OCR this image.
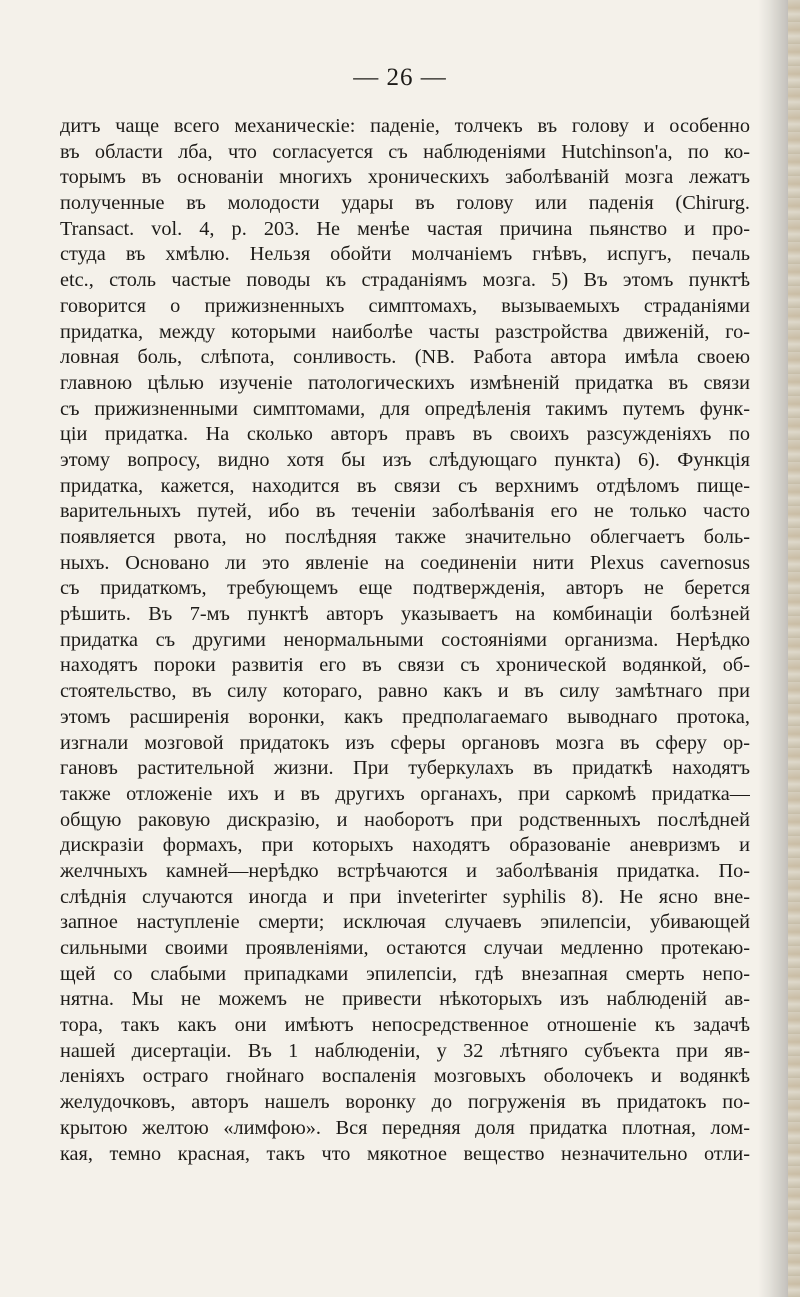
— 26 —
дитъ чаще всего механическіе: паденіе, толчекъ въ голову и особенно
въ области лба, что согласуется съ наблюденіями Hutchinson'а, по ко-
торымъ въ основаніи многихъ хроническихъ заболѣваній мозга лежатъ
полученные въ молодости удары въ голову или паденія (Chirurg.
Transact. vol. 4, p. 203. Не менѣе частая причина пьянство и про-
студа въ хмѣлю. Нельзя обойти молчаніемъ гнѣвъ, испугъ, печаль
etc., столь частые поводы къ страданіямъ мозга. 5) Въ этомъ пунктѣ
говорится о прижизненныхъ симптомахъ, вызываемыхъ страданіями
придатка, между которыми наиболѣе часты разстройства движеній, го-
ловная боль, слѣпота, сонливость. (NB. Работа автора имѣла своею
главною цѣлью изученіе патологическихъ измѣненій придатка въ связи
съ прижизненными симптомами, для опредѣленія такимъ путемъ функ-
ціи придатка. На сколько авторъ правъ въ своихъ разсужденіяхъ по
этому вопросу, видно хотя бы изъ слѣдующаго пункта) 6). Функція
придатка, кажется, находится въ связи съ верхнимъ отдѣломъ пище-
варительныхъ путей, ибо въ теченіи заболѣванія его не только часто
появляется рвота, но послѣдняя также значительно облегчаетъ боль-
ныхъ. Основано ли это явленіе на соединеніи нити Plexus cavernosus
съ придаткомъ, требующемъ еще подтвержденія, авторъ не берется
рѣшить. Въ 7-мъ пунктѣ авторъ указываетъ на комбинаціи болѣзней
придатка съ другими ненормальными состояніями организма. Нерѣдко
находятъ пороки развитія его въ связи съ хронической водянкой, об-
стоятельство, въ силу котораго, равно какъ и въ силу замѣтнаго при
этомъ расширенія воронки, какъ предполагаемаго выводнаго протока,
изгнали мозговой придатокъ изъ сферы органовъ мозга въ сферу ор-
гановъ растительной жизни. При туберкулахъ въ придаткѣ находятъ
также отложеніе ихъ и въ другихъ органахъ, при саркомѣ придатка—
общую раковую дискразію, и наоборотъ при родственныхъ послѣдней
дискразіи формахъ, при которыхъ находятъ образованіе аневризмъ и
желчныхъ камней—нерѣдко встрѣчаются и заболѣванія придатка. По-
слѣднія случаются иногда и при inveterirter syphilis 8). Не ясно вне-
запное наступленіе смерти; исключая случаевъ эпилепсіи, убивающей
сильными своими проявленіями, остаются случаи медленно протекаю-
щей со слабыми припадками эпилепсіи, гдѣ внезапная смерть непо-
нятна. Мы не можемъ не привести нѣкоторыхъ изъ наблюденій ав-
тора, такъ какъ они имѣютъ непосредственное отношеніе къ задачѣ
нашей дисертаціи. Въ 1 наблюденіи, у 32 лѣтняго субъекта при яв-
леніяхъ остраго гнойнаго воспаленія мозговыхъ оболочекъ и водянкѣ
желудочковъ, авторъ нашелъ воронку до погруженія въ придатокъ по-
крытою желтою «лимфою». Вся передняя доля придатка плотная, лом-
кая, темно красная, такъ что мякотное вещество незначительно отли-
